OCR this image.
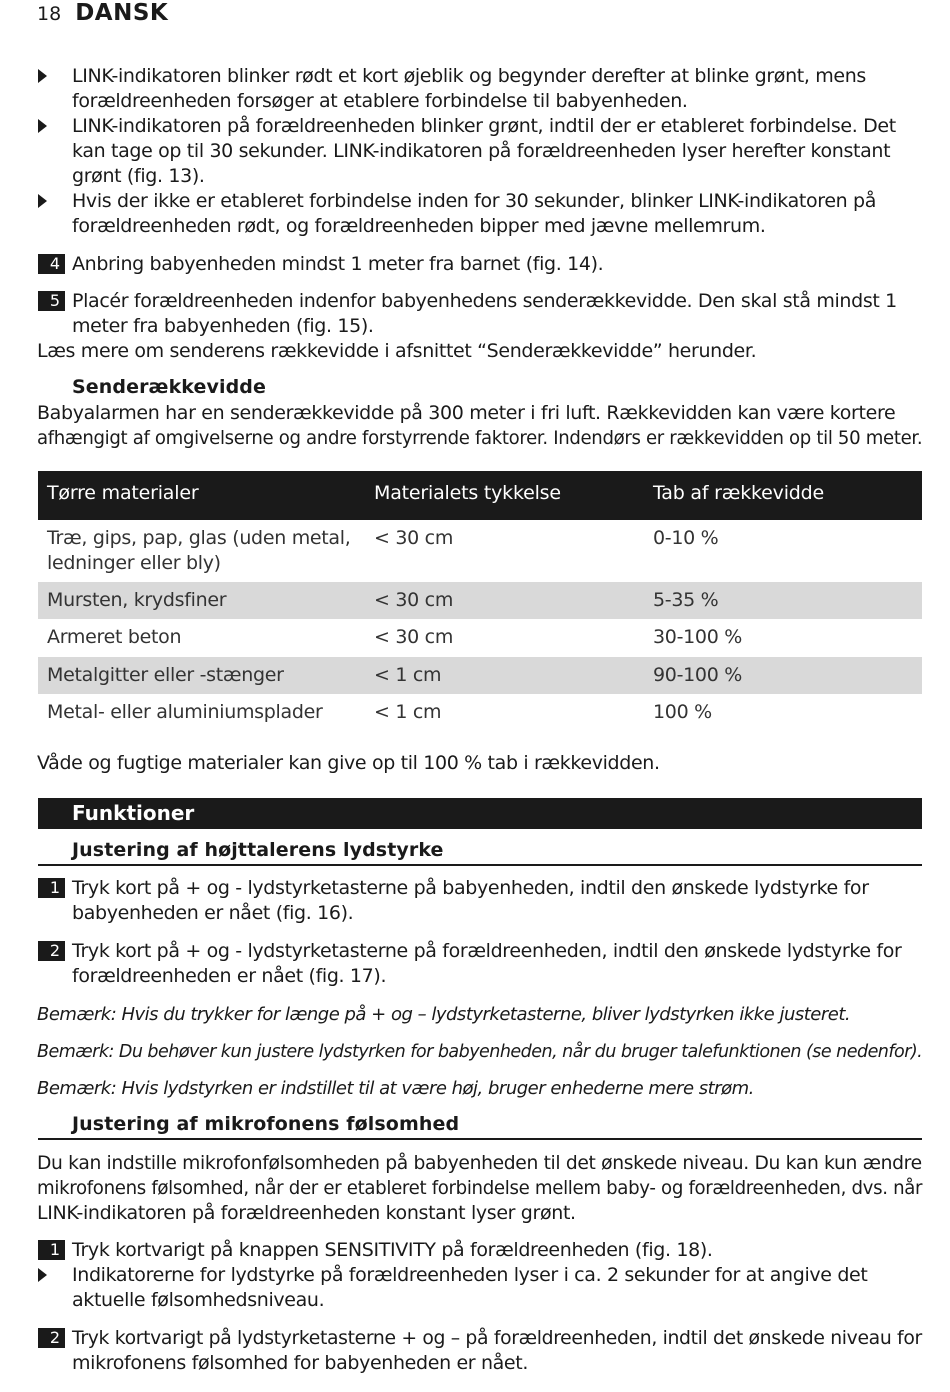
18 DANSK
LINK-indikatoren blinker rødt et kort øjeblik og begynder derefter at blinke grønt, mens
forældreenheden forsøger at etablere forbindelse til babyenheden.
LINK-indikatoren på forældreenheden blinker grønt, indtil der er etableret forbindelse. Det
kan tage op til 30 sekunder. LINK-indikatoren på forældreenheden lyser herefter konstant
grønt (fig. 13).
Hvis der ikke er etableret forbindelse inden for 30 sekunder, blinker LINK-indikatoren på
forældreenheden rødt, og forældreenheden bipper med jævne mellemrum.
4 Anbring babyenheden mindst 1 meter fra barnet (fig. 14).
5 Placér forældreenheden indenfor babyenhedens senderækkevidde. Den skal stå mindst 1
meter fra babyenheden (fig. 15).
Læs mere om senderens rækkevidde i afsnittet “Senderækkevidde” herunder.
Senderækkevidde
Babyalarmen har en senderækkevidde på 300 meter i fri luft. Rækkevidden kan være kortere
afhængigt af omgivelserne og andre forstyrrende faktorer. Indendørs er rækkevidden op til 50 meter.
Tørre materialer	Materialets tykkelse	Tab af rækkevidde
Træ, gips, pap, glas (uden metal,
ledninger eller bly)
< 30 cm	0-10 %
Mursten, krydsfiner	< 30 cm	5-35 %
Armeret beton	< 30 cm	30-100 %
Metalgitter eller -stænger	< 1 cm	90-100 %
Metal- eller aluminiumsplader	< 1 cm	100 %
Våde og fugtige materialer kan give op til 100 % tab i rækkevidden.
Funktioner
Justering af højttalerens lydstyrke
1 Tryk kort på + og - lydstyrketasterne på babyenheden, indtil den ønskede lydstyrke for
babyenheden er nået (fig. 16).
2 Tryk kort på + og - lydstyrketasterne på forældreenheden, indtil den ønskede lydstyrke for
forældreenheden er nået (fig. 17).
Bemærk: Hvis du trykker for længe på + og – lydstyrketasterne, bliver lydstyrken ikke justeret.
Bemærk: Du behøver kun justere lydstyrken for babyenheden, når du bruger talefunktionen (se nedenfor).
Bemærk: Hvis lydstyrken er indstillet til at være høj, bruger enhederne mere strøm.
Justering af mikrofonens følsomhed
Du kan indstille mikrofonfølsomheden på babyenheden til det ønskede niveau. Du kan kun ændre
mikrofonens følsomhed, når der er etableret forbindelse mellem baby- og forældreenheden, dvs. når
LINK-indikatoren på forældreenheden konstant lyser grønt.
1 Tryk kortvarigt på knappen SENSITIVITY på forældreenheden (fig. 18).
Indikatorerne for lydstyrke på forældreenheden lyser i ca. 2 sekunder for at angive det
aktuelle følsomhedsniveau.
2 Tryk kortvarigt på lydstyrketasterne + og – på forældreenheden, indtil det ønskede niveau for
mikrofonens følsomhed for babyenheden er nået.
